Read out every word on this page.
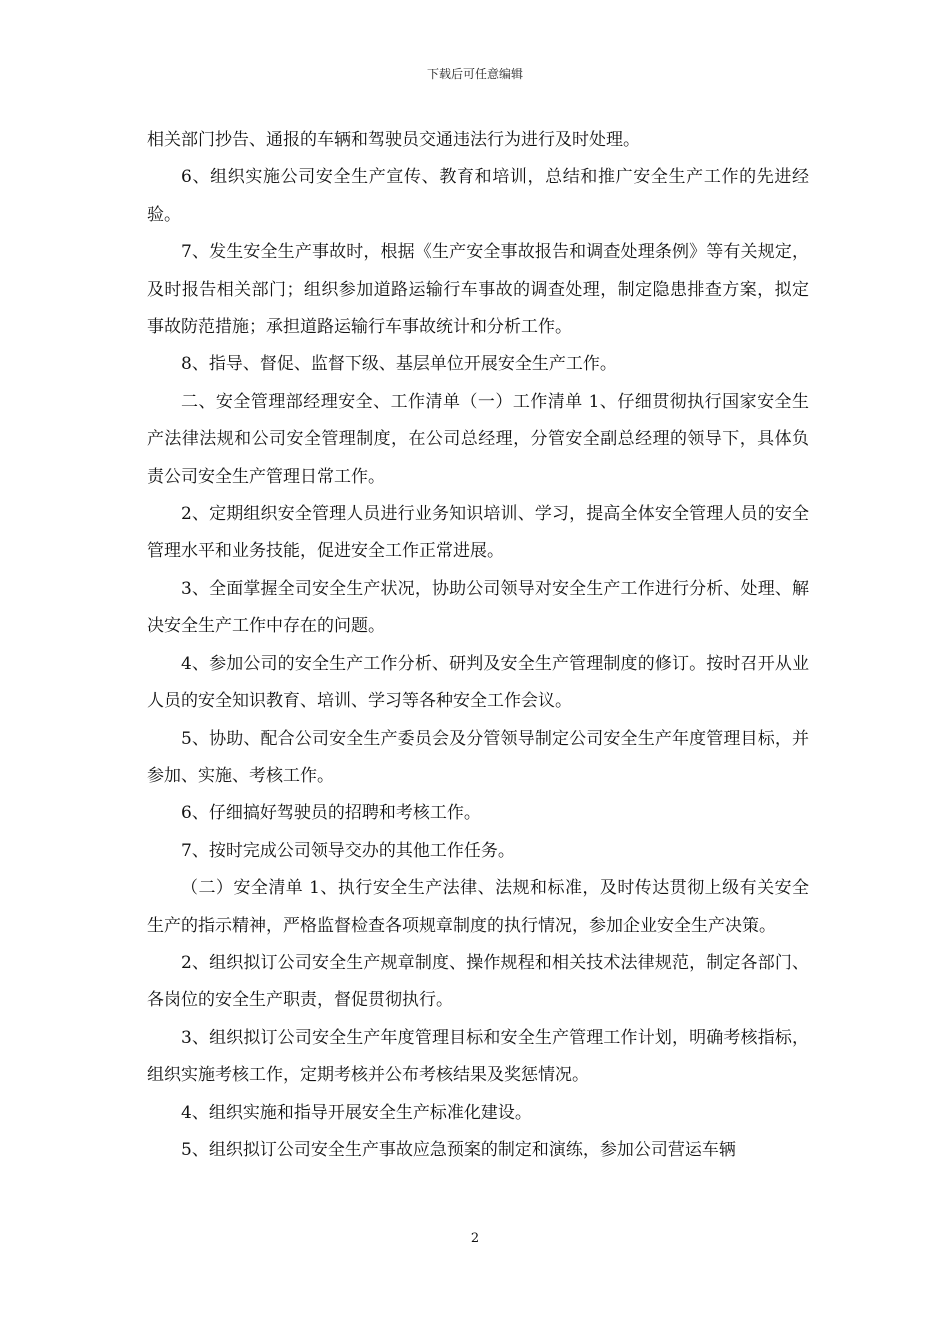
下载后可任意编辑

相关部门抄告、通报的车辆和驾驶员交通违法行为进行及时处理。

6、组织实施公司安全生产宣传、教育和培训，总结和推广安全生产工作的先进经验。

7、发生安全生产事故时，根据《生产安全事故报告和调查处理条例》等有关规定，及时报告相关部门；组织参加道路运输行车事故的调查处理，制定隐患排查方案，拟定事故防范措施；承担道路运输行车事故统计和分析工作。

8、指导、督促、监督下级、基层单位开展安全生产工作。

二、安全管理部经理安全、工作清单（一）工作清单 1、仔细贯彻执行国家安全生产法律法规和公司安全管理制度，在公司总经理，分管安全副总经理的领导下，具体负责公司安全生产管理日常工作。

2、定期组织安全管理人员进行业务知识培训、学习，提高全体安全管理人员的安全管理水平和业务技能，促进安全工作正常进展。

3、全面掌握全司安全生产状况，协助公司领导对安全生产工作进行分析、处理、解决安全生产工作中存在的问题。

4、参加公司的安全生产工作分析、研判及安全生产管理制度的修订。按时召开从业人员的安全知识教育、培训、学习等各种安全工作会议。

5、协助、配合公司安全生产委员会及分管领导制定公司安全生产年度管理目标，并参加、实施、考核工作。

6、仔细搞好驾驶员的招聘和考核工作。

7、按时完成公司领导交办的其他工作任务。

（二）安全清单 1、执行安全生产法律、法规和标准，及时传达贯彻上级有关安全生产的指示精神，严格监督检查各项规章制度的执行情况，参加企业安全生产决策。

2、组织拟订公司安全生产规章制度、操作规程和相关技术法律规范，制定各部门、各岗位的安全生产职责，督促贯彻执行。

3、组织拟订公司安全生产年度管理目标和安全生产管理工作计划，明确考核指标，组织实施考核工作，定期考核并公布考核结果及奖惩情况。

4、组织实施和指导开展安全生产标准化建设。

5、组织拟订公司安全生产事故应急预案的制定和演练，参加公司营运车辆

2
